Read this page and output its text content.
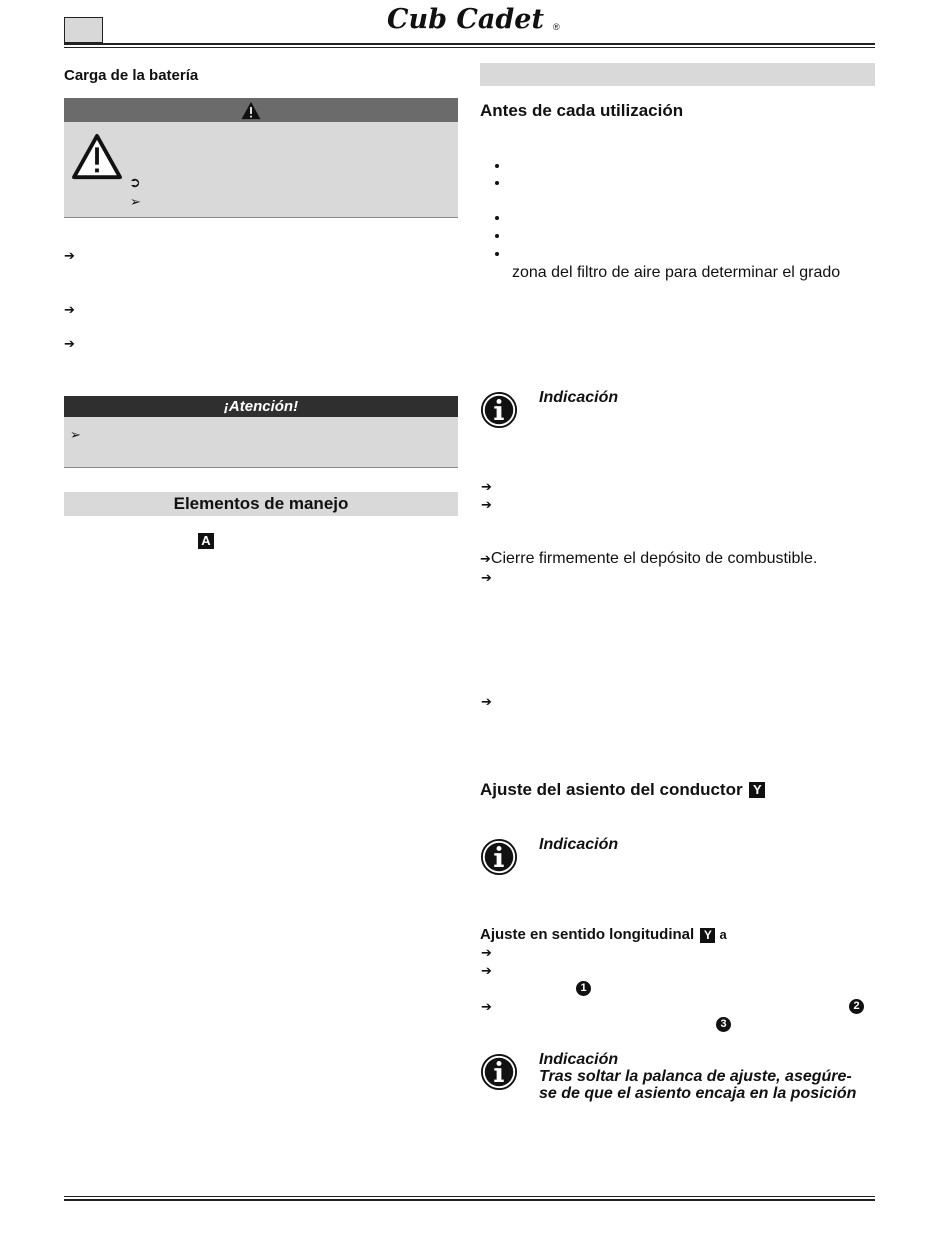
Cub Cadet ®
Carga de la batería
➲
➢
➔
➔
➔
¡Atención!
➢
Elementos de manejo
A
Antes de cada utilización
zona del filtro de aire para determinar el grado
Indicación
➔
➔
➔Cierre firmemente el depósito de combustible.
➔
➔
Ajuste del asiento del conductor Y
Indicación
Ajuste en sentido longitudinal Y a
➔
➔
1
➔	2
3
Indicación
Tras soltar la palanca de ajuste, asegúre-
se de que el asiento encaja en la posición
